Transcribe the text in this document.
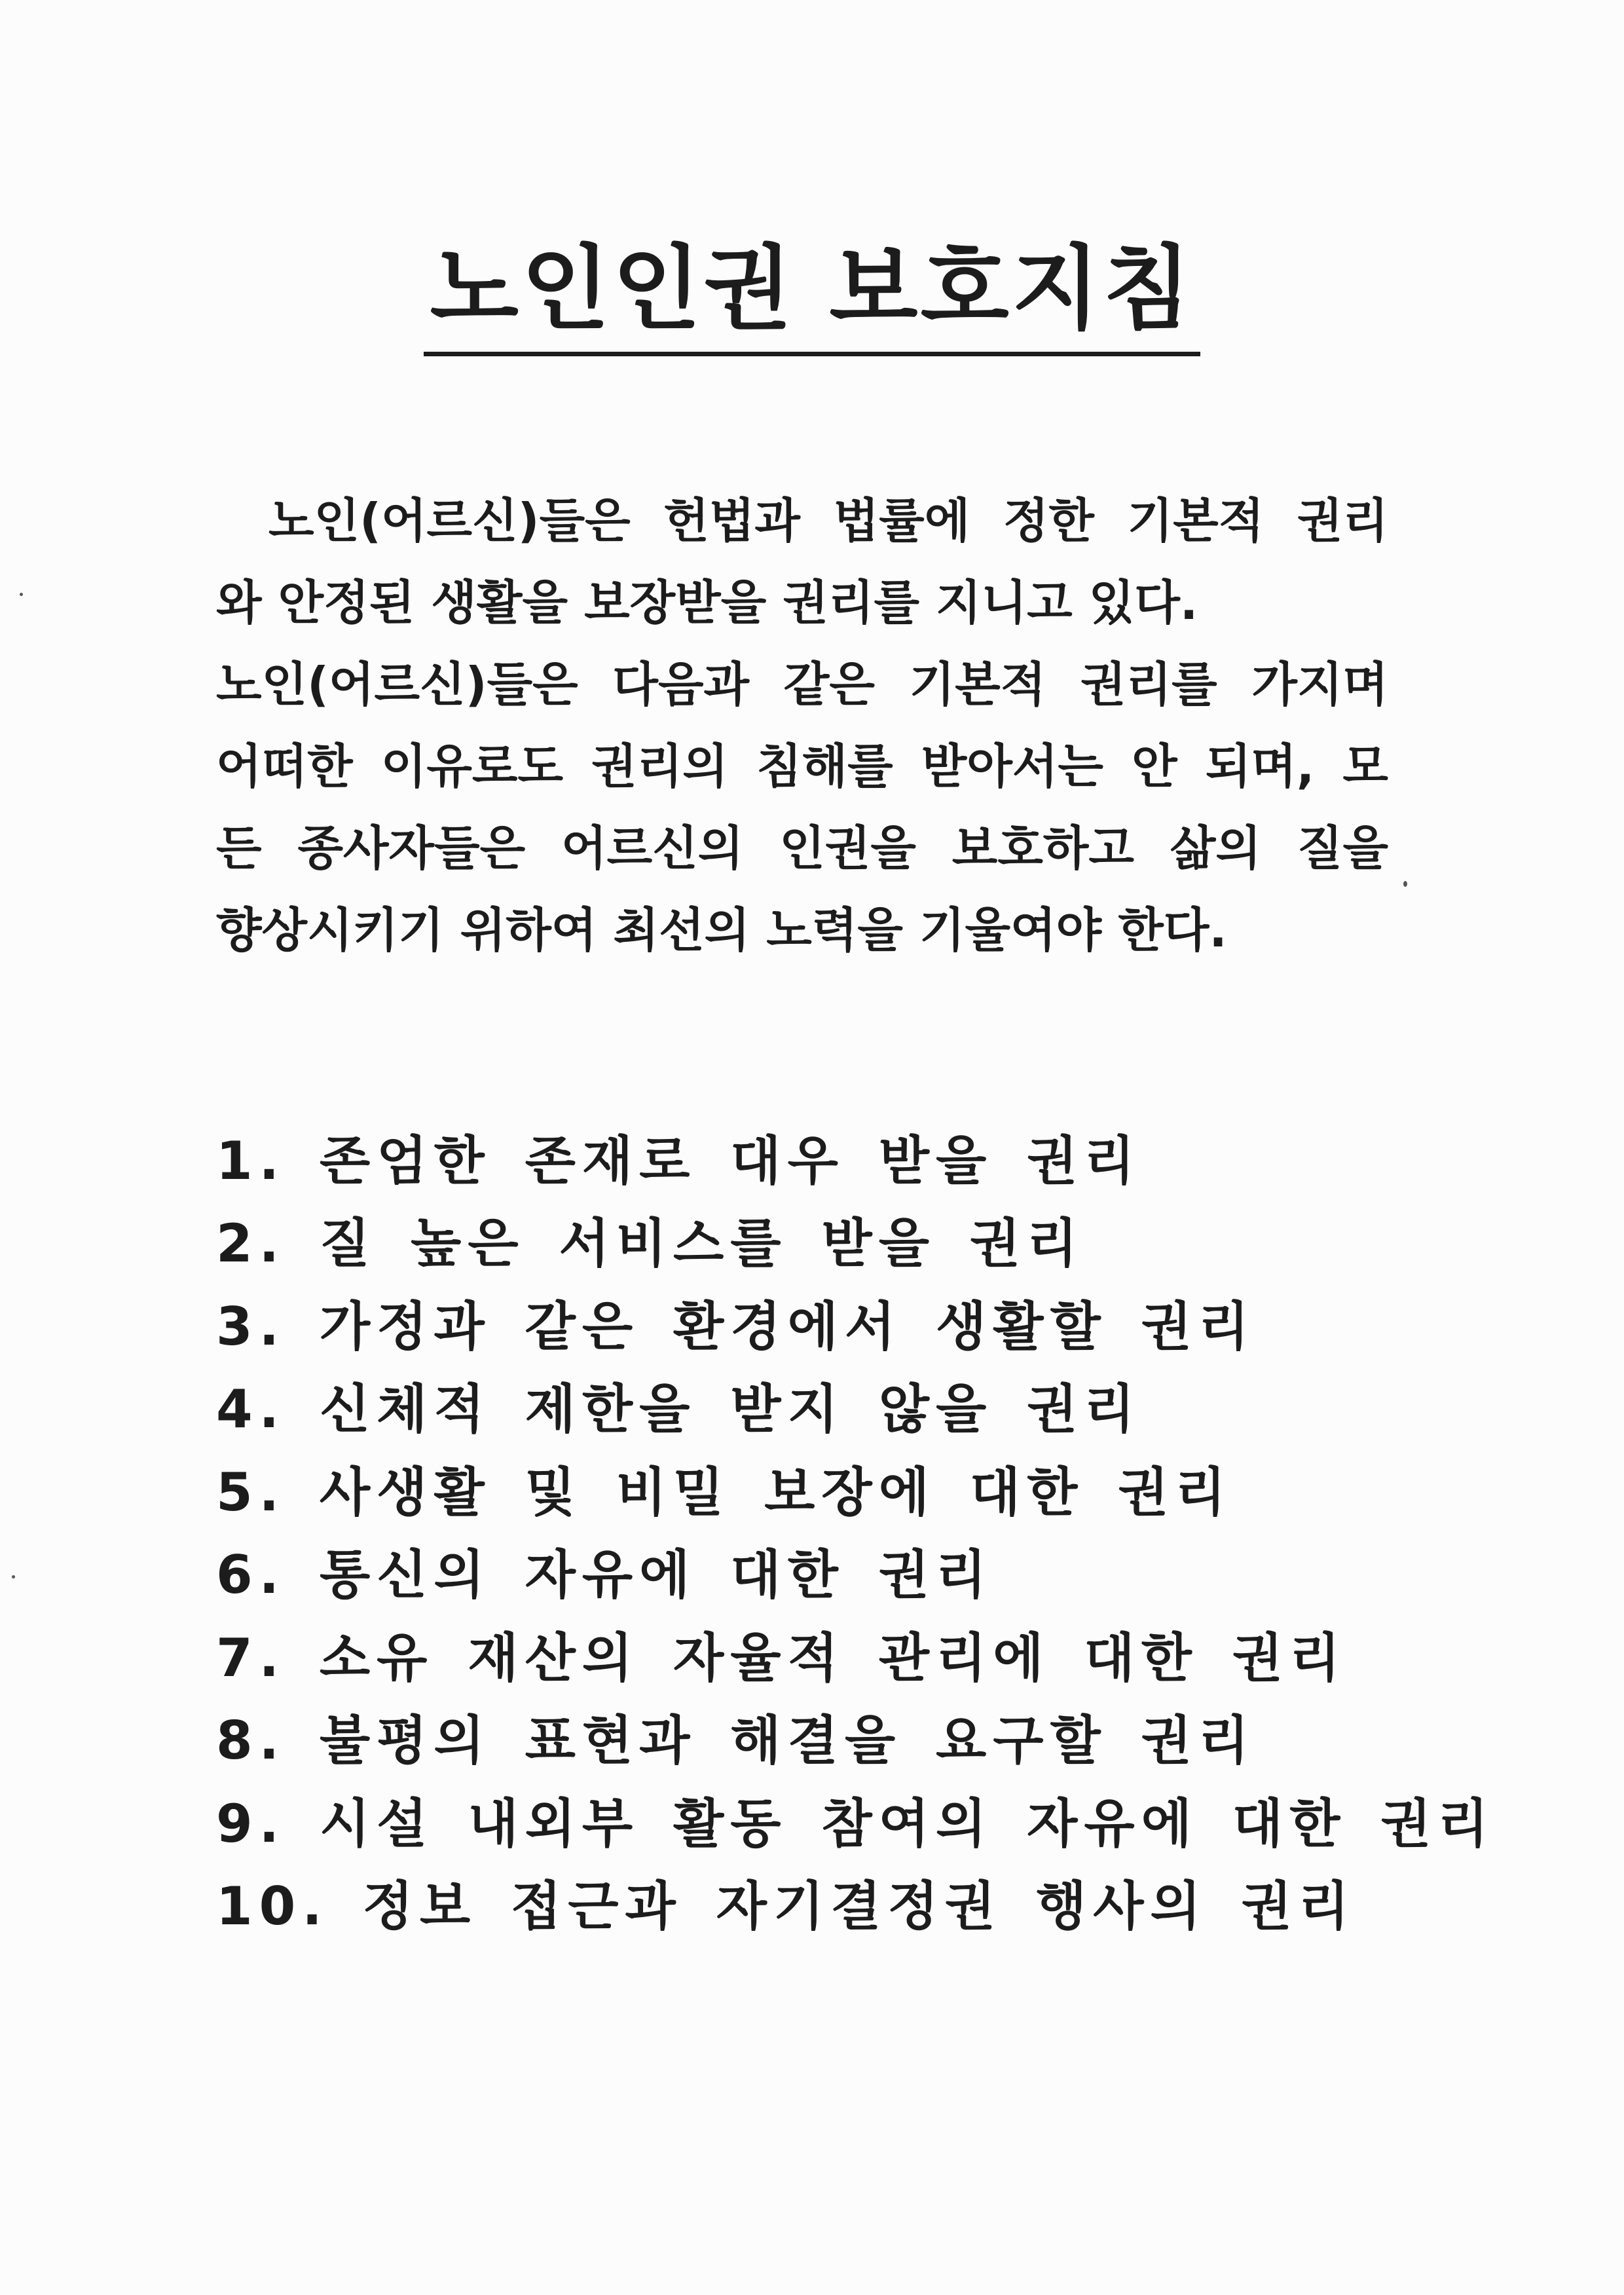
노인인권 보호지침
노인(어르신)들은 헌법과 법률에 정한 기본적 권리
와 안정된 생활을 보장받을 권리를 지니고 있다.
노인(어르신)들은 다음과 같은 기본적 권리를 가지며
어떠한 이유로도 권리의 침해를 받아서는 안 되며, 모
든 종사자들은 어르신의 인권을 보호하고 삶의 질을
향상시키기 위하여 최선의 노력을 기울여야 한다.
1. 존엄한 존재로 대우 받을 권리
2. 질 높은 서비스를 받을 권리
3. 가정과 같은 환경에서 생활할 권리
4. 신체적 제한을 받지 않을 권리
5. 사생활 및 비밀 보장에 대한 권리
6. 통신의 자유에 대한 권리
7. 소유 재산의 자율적 관리에 대한 권리
8. 불평의 표현과 해결을 요구할 권리
9. 시설 내외부 활동 참여의 자유에 대한 권리
10. 정보 접근과 자기결정권 행사의 권리
